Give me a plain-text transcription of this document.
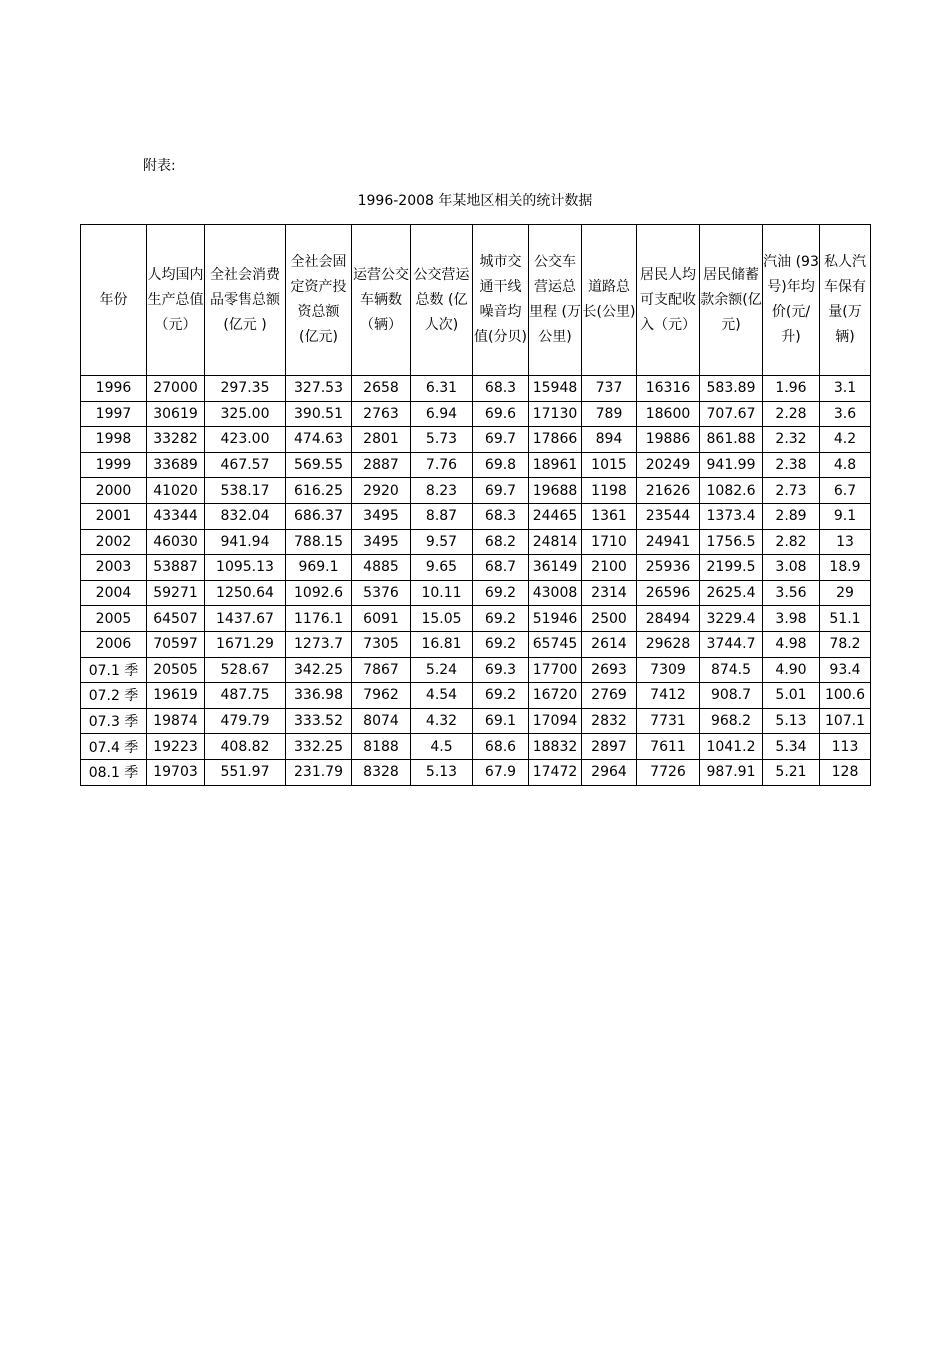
附表:
1996-2008 年某地区相关的统计数据
年份	人均国内生产总值（元）	全社会消费品零售总额 (亿元 )	全社会固定资产投资总额 (亿元)	运营公交车辆数（辆）	公交营运总数 (亿人次)	城市交通干线噪音均值(分贝)	公交车营运总里程 (万公里)	道路总长(公里)	居民人均可支配收入（元）	居民储蓄款余额(亿元)	汽油 (93 号)年均价(元/升)	私人汽车保有量(万辆)
1996	27000	297.35	327.53	2658	6.31	68.3	15948	737	16316	583.89	1.96	3.1
1997	30619	325.00	390.51	2763	6.94	69.6	17130	789	18600	707.67	2.28	3.6
1998	33282	423.00	474.63	2801	5.73	69.7	17866	894	19886	861.88	2.32	4.2
1999	33689	467.57	569.55	2887	7.76	69.8	18961	1015	20249	941.99	2.38	4.8
2000	41020	538.17	616.25	2920	8.23	69.7	19688	1198	21626	1082.6	2.73	6.7
2001	43344	832.04	686.37	3495	8.87	68.3	24465	1361	23544	1373.4	2.89	9.1
2002	46030	941.94	788.15	3495	9.57	68.2	24814	1710	24941	1756.5	2.82	13
2003	53887	1095.13	969.1	4885	9.65	68.7	36149	2100	25936	2199.5	3.08	18.9
2004	59271	1250.64	1092.6	5376	10.11	69.2	43008	2314	26596	2625.4	3.56	29
2005	64507	1437.67	1176.1	6091	15.05	69.2	51946	2500	28494	3229.4	3.98	51.1
2006	70597	1671.29	1273.7	7305	16.81	69.2	65745	2614	29628	3744.7	4.98	78.2
07.1 季	20505	528.67	342.25	7867	5.24	69.3	17700	2693	7309	874.5	4.90	93.4
07.2 季	19619	487.75	336.98	7962	4.54	69.2	16720	2769	7412	908.7	5.01	100.6
07.3 季	19874	479.79	333.52	8074	4.32	69.1	17094	2832	7731	968.2	5.13	107.1
07.4 季	19223	408.82	332.25	8188	4.5	68.6	18832	2897	7611	1041.2	5.34	113
08.1 季	19703	551.97	231.79	8328	5.13	67.9	17472	2964	7726	987.91	5.21	128
